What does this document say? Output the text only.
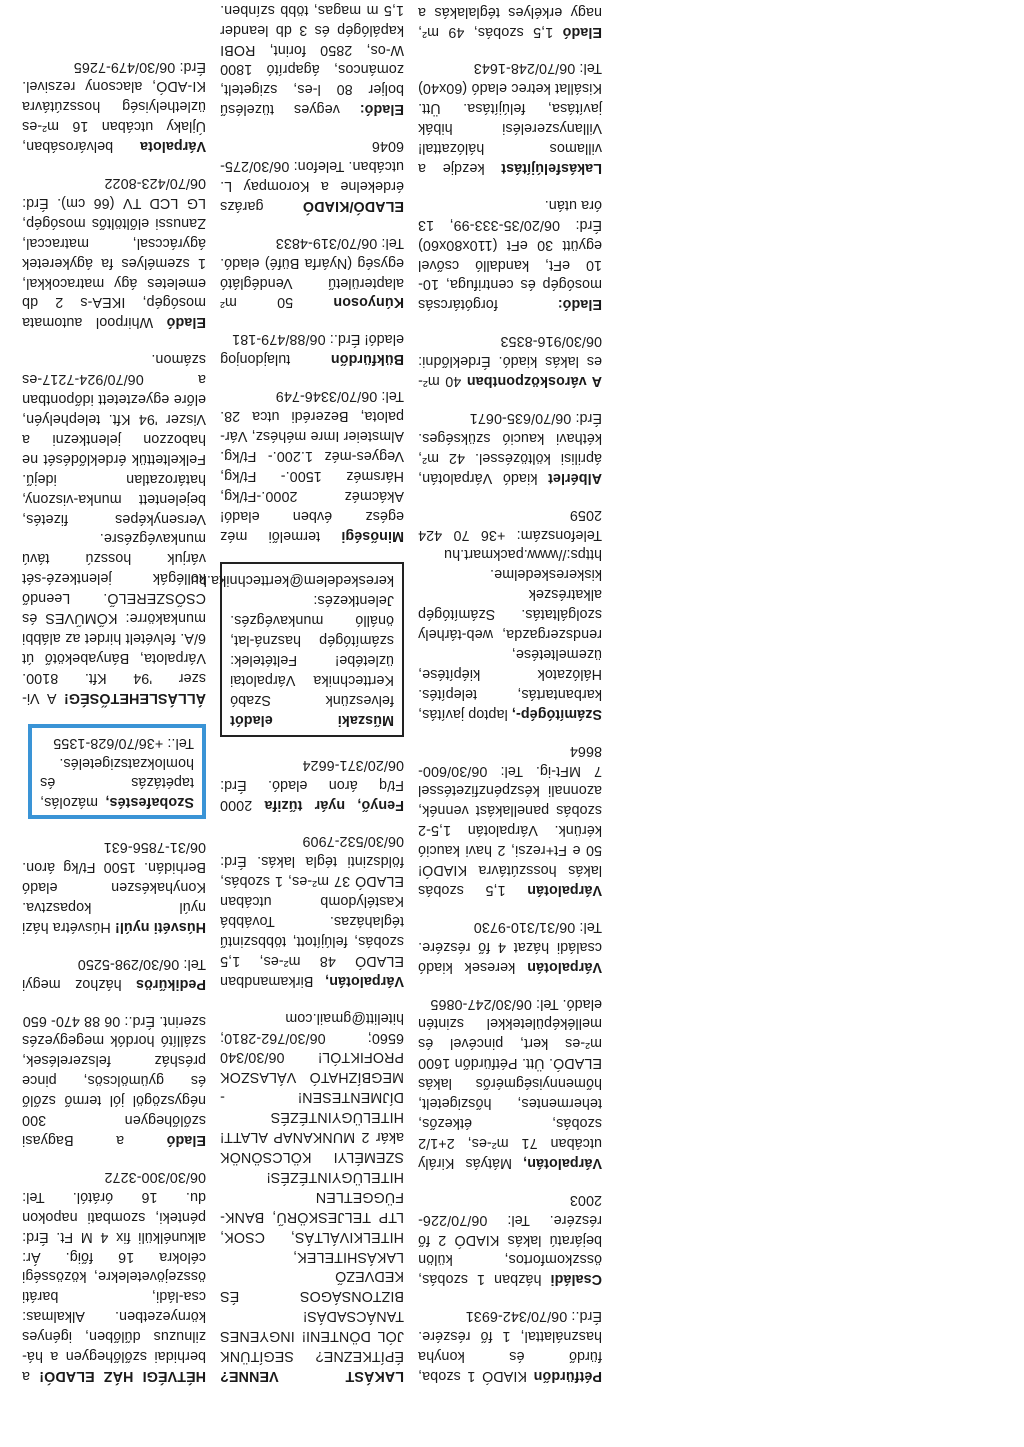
HÉTVÉGI HÁZ ELADÓ! a berhidai szőlőhegyen a há-zilnuzus dűlőben, igényes környezetben. Alkalmas: csa-ládi, baráti összejövetelekre, közösségi célokra 16 főig. Ár: alkunélküli fix 4 M Ft. Érd: pénteki, szombati napokon du. 16 órától. Tel: 06/30/300-3272

Eladó a Bagyasi szőlőhegyen 300 négyszögöl jól termő szőlő és gyümölcsös, pince présház felszerelések, szállító hordók megegyezés szerint. Érd.: 06 88 470- 650

Pedikűrös házhoz megyi Tel: 06/30/298-5250

Húsvéti nyúl! Húsvétra házi nyúl kopasztva. Konyhakészen eladó Berhidán. 1500 Ft/kg áron. 06/31-7856-631

Szobafestés, mázolás, tapétázás és homlokzatszigetelés. Tel.: +36/70/628-1355

ÁLLÁSLEHETŐSÉG! A Vi-szer '94 Kft. 8100. Várpalota, Bányabekötő út 6/A. felvételt hirdet az alábbi munkakörre: KŐMŰVES és CSŐSZERELŐ. Leendő kollégák jelentkezé-sét várjuk hosszú távú munkavégzésre. Versenyképes fizetés, bejelentett munka-viszony, határozatlan idejű. Felkeltettük érdeklődését ne habozzon jelentkezni a Viszer '94 Kft. telephelyén, előre egyeztetett időpontban a 06/70/924-7217-es számon.

Eladó Whirpool automata mosógép, IKEA-s 2 db emeletes ágy matracokkal, 1 személyes fa ágykeretek ágyráccsal, matraccal, Zanussi előltöltős mosógép, LG LCD TV (66 cm). Érd: 06/70/423-8022

Várpalota belvárosában, Újlaky utcában 16 m²-es üzlethelyiség hosszútávra KI-ADÓ, alacsony rezsivel. Érd: 06/30/479-7265

LAKÁST VENNE? ÉPÍTKEZNE? SEGÍTÜNK JÓL DÖNTENI! INGYENES TANÁCSADÁS! BIZTONSÁGOS ÉS KEDVEZŐ LAKÁSHITELEK, HITELKIVÁLTÁS, CSOK, LTP TELJESKÖRŰ, BANK-FÜGGETLEN HITELÜGYINTÉZÉS! SZEMÉLYI KÖLCSÖNÖK akár 2 MUNKANAP ALATT! HITELÜGYINTÉZÉS DÍJMENTESEN! - MEGBÍZHATÓ VÁLASZOK PROFIKTÓL! 06/30/340 6560; 06/30/762-2810; hitelitt@gmail.com

Várpalotán, Birkamandban ELADÓ 48 m²-es, 1,5 szobás, felújított, többszintű téglaházas. Továbbá Kastélydomb utcában ELADÓ 37 m²-es, 1 szobás, földszinti tégla lakás. Érd: 06/30/532-7909

Fenyő, nyár tűzifa 2000 Ft/q áron eladó. Érd: 06/20/371-6624

Műszaki eladót felveszünk Szabó Kerttechnika Várpalotai üzletébe! Feltételek: számítógép haszná-lat, önálló munkavégzés. Jelentkezés: kereskedelem@kerttechnika.hu

Minőségi termelői méz egész évben eladó! Akácméz 2000.-Ft/kg, Hársméz 1500.- Ft/kg, Vegyes-méz 1.200.- Ft/kg. Almsteier Imre méhész, Vár-palota, Bezerédi utca 28. Tel: 06/70/3346-749

Bükfürdőn tulajdonjog eladó! Érd.: 06/88/479-181

Kúnyoson 50 m² alapterületű Vendéglátó egység (Nyárfa Büfé) eladó. Tel: 06/70/319-4833

ELADÓ/KIADÓ garázs érdekelne a Korompay L. utcában. Telefon: 06/30/275-6046

Eladó: vegyes tüzelésű boljer 80 l-es, szigetelt, zománcos, ágaprító 1800 W-os, 2850 forint, ROBI kapálógép és 3 db leander 1,5 m magas, több színben.

Pétfürdőn KIADÓ 1 szoba, fürdő és konyha használattal, 1 fő részére. Érd.: 06/70/342-6931

Családi házban 1 szobás, összkomfortos, külön bejáratú lakás KIADÓ 2 fő részére. Tel: 06/70/226-2003

Várpalotán, Mátyás Király utcában 71 m²-es, 2+1/2 szobás, étkezős, tehermentes, hőszigetelt, hőmennyiségmérős lakás ELADÓ. Ütt. Pétfürdőn 1600 m²-es kert, pincével és melléképületekkel szintén eladó. Tel: 06/30/247-0865

Várpalotán keresek kiadó családi házat 4 fő részére. Tel: 06/31/310-9730

Várpalotán 1,5 szobás lakás hosszútávra KIADÓ! 50 e Ft+rezsi, 2 havi kaució kérünk. Várpalotán 1,5-2 szobás panellakást vennék, azonnali készpénzfizetéssel 7 MFt-ig. Tel: 06/30/600-8664

Számítógép-, laptop javítás, karbantartás, telepítés. Hálózatok kiépítése, üzemeltetése, rendszergazda, web-tárhely szolgáltatás. Számítógép alkatrészek kiskereskedelme. https://www.packmart.hu Telefonszám: +36 70 424 2059

Albérlet kiadó Várpalotán, áprilisi költözéssel. 42 m², kéthavi kaució szükséges. Érd: 06/70/635-0671

A városközpontban 40 m²-es lakás kiadó. Érdeklődni: 06/30/916-8353

Eladó: forgótárcsás mosógép és centrifuga, 10-10 eFt, kandalló csővel együtt 30 eFt (110x80x60) Érd: 06/20/35-333-99, 13 óra után.

Lakásfelújítást kezdje a villamos hálózattal! Villanyszerelési hibák javítása, felújítása. Ütt. Kisállat ketrec eladó (60x40) Tel: 06/70/248-1643

Eladó 1,5 szobás, 49 m², nagy erkélyes téglalakás a
